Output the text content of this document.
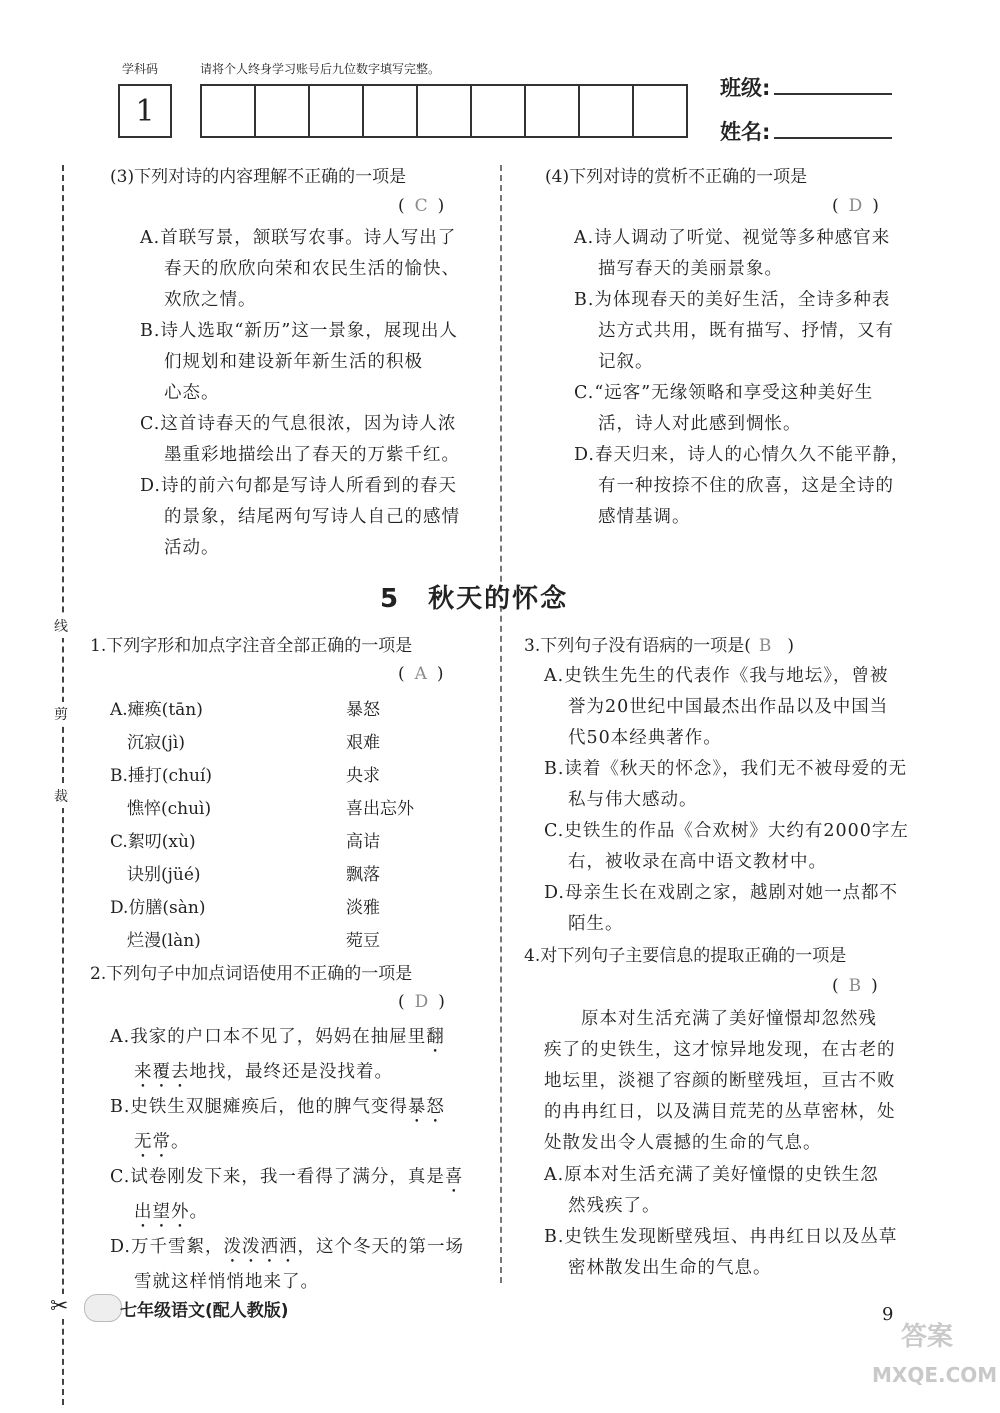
学科码	请将个人终身学习账号后九位数字填写完整。
1
班级:
姓名:
线
剪
裁
✂
(3)下列对诗的内容理解不正确的一项是
(C)
A.首联写景，颔联写农事。诗人写出了
春天的欣欣向荣和农民生活的愉快、
欢欣之情。
B.诗人选取“新历”这一景象，展现出人
们规划和建设新年新生活的积极
心态。
C.这首诗春天的气息很浓，因为诗人浓
墨重彩地描绘出了春天的万紫千红。
D.诗的前六句都是写诗人所看到的春天
的景象，结尾两句写诗人自己的感情
活动。
(4)下列对诗的赏析不正确的一项是
(D)
A.诗人调动了听觉、视觉等多种感官来
描写春天的美丽景象。
B.为体现春天的美好生活，全诗多种表
达方式共用，既有描写、抒情，又有
记叙。
C.“远客”无缘领略和享受这种美好生
活，诗人对此感到惆怅。
D.春天归来，诗人的心情久久不能平静，
有一种按捺不住的欣喜，这是全诗的
感情基调。
5 秋天的怀念
1.下列字形和加点字注音全部正确的一项是
(A)
A.瘫痪(tān)	暴怒
　沉寂(jì)	艰难
B.捶打(chuí)	央求
　憔悴(chuì)	喜出忘外
C.絮叨(xù)	高诘
　诀别(jüé)	飘落
D.仿膳(sàn)	淡雅
　烂漫(làn)	菀豆
2.下列句子中加点词语使用不正确的一项是
(D)
A.我家的户口本不见了，妈妈在抽屉里翻
来覆去地找，最终还是没找着。
B.史铁生双腿瘫痪后，他的脾气变得暴怒
无常。
C.试卷刚发下来，我一看得了满分，真是喜
出望外。
D.万千雪絮，泼泼洒洒，这个冬天的第一场
雪就这样悄悄地来了。
3.下列句子没有语病的一项是( B )
A.史铁生先生的代表作《我与地坛》，曾被
誉为20世纪中国最杰出作品以及中国当
代50本经典著作。
B.读着《秋天的怀念》，我们无不被母爱的无
私与伟大感动。
C.史铁生的作品《合欢树》大约有2000字左
右，被收录在高中语文教材中。
D.母亲生长在戏剧之家，越剧对她一点都不
陌生。
4.对下列句子主要信息的提取正确的一项是
(B)
　　原本对生活充满了美好憧憬却忽然残
疾了的史铁生，这才惊异地发现，在古老的
地坛里，淡褪了容颜的断壁残垣，亘古不败
的冉冉红日，以及满目荒芜的丛草密林，处
处散发出令人震撼的生命的气息。
A.原本对生活充满了美好憧憬的史铁生忽
然残疾了。
B.史铁生发现断壁残垣、冉冉红日以及丛草
密林散发出生命的气息。
七年级语文(配人教版)	9
答案
MXQE.COM
